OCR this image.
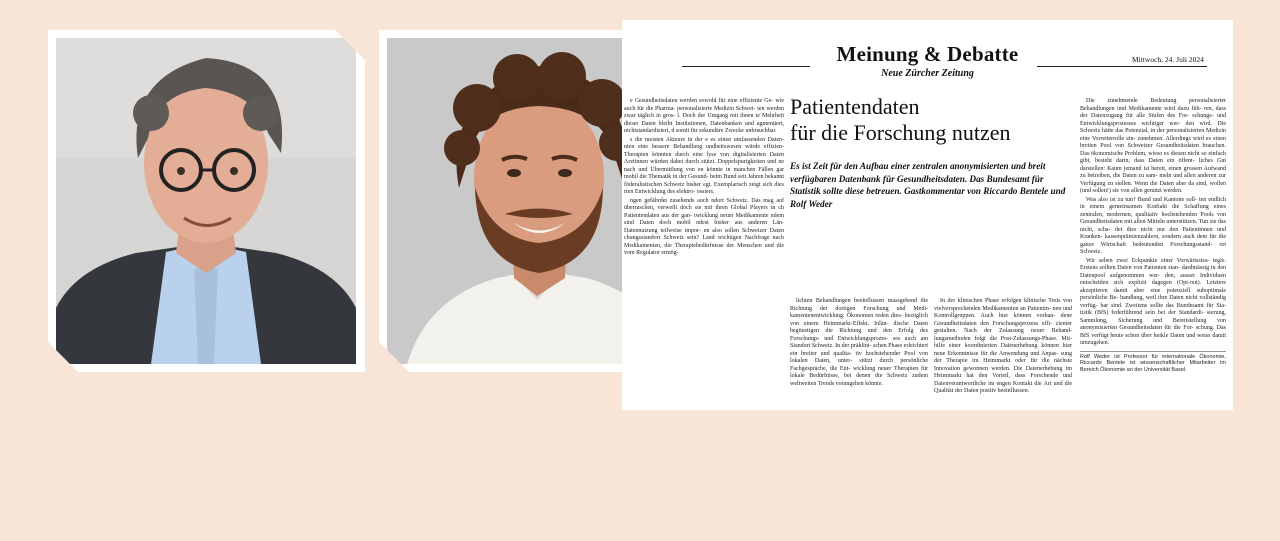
Meinung & Debatte
Neue Zürcher Zeitung
Mittwoch, 24. Juli 2024

e Gesundheitsdaten werden sowohl für eine effiziente Ge- wie auch für die Pharma- personalisierte Medizin Schwei- ten werden zwar täglich in gros- l. Doch der Umgang mit ihnen ie Mehrheit dieser Daten bleibt Institutionen, Datenbanken und agmentiert, nichtstandardisiert, d somit für sekundäre Zwecke unbrauchbar.

s die meisten Akteure in der e es einen umfassenden Daten- nten eine bessere Behandlung undheitswesen würde effizien- Therapien könnten durch eine lyse von digitalisierten Daten Arztinnen würden dabei durch stützt. Doppelspurigkeiten und ne nach und Übermittlung von en könnte in manchen Fällen gar mobil die Thematik in der Gesund- beim Bund seit Jahren bekannt föderalistischen Schweiz bisher egt. Exemplarisch zeigt sich dies rten Entwicklung des elektro- ossiers.

ngen gefährdet zusehends auch ndort Schweiz. Das mag auf überraschen, verweilt doch sie mit ihren Global Players in ch Patientendaten aus der gan- twicklung neuer Medikamente ndem sind Daten doch mobil ndest bisher aus anderen Län- Datennutzung teilweise impor- en also sollen Schweizer Daten chungsstandort Schweiz sein? Land wichtigen Nachfrage nach Medikamenten, die Therapiebedürfnisse der Menschen und die vom Regulator ermög-

Patientendaten
für die Forschung nutzen
Es ist Zeit für den Aufbau einer zentralen anonymisierten und breit verfügbaren Datenbank für Gesundheitsdaten. Das Bundesamt für Statistik sollte diese betreuen. Gastkommentar von Riccardo Bentele und Rolf Weder

lichten Behandlungen beeinflussen massgebend die Richtung der dortigen Forschung und Medi- kamentenentwicklung. Ökonomen reden dies- bezüglich von einem Heimmarkt-Effekt. Inlän- dische Daten begünstigen die Richtung und den Erfolg des Forschungs- und Entwicklungsprozes- ses auch am Standort Schweiz. In der präklini- schen Phase erleichtert ein breiter und qualita- tiv hochstehender Pool von lokalen Daten, unter- stützt durch persönliche Fachgespräche, die Ent- wicklung neuer Therapien für lokale Bedürfnisse, bei denen die Schweiz zudem weltweiten Trends vorangehen könnte.

In der klinischen Phase erfolgen klinische Tests von vielversprechenden Medikamenten an Patientin- nen und Kontrollgruppen. Auch hier können vorhan- dene Gesundheitsdaten den Forschungsprozess effi- zienter gestalten. Nach der Zulassung neuer Behand- lungsmethoden folgt die Post-Zulassungs-Phase. Mit- hilfe einer koordinierten Datenerhebung können hier neue Erkenntnisse für die Anwendung und Anpas- sung der Therapie im Heimmarkt oder für die nächste Innovation gewonnen werden. Die Datenerhebung im Heimmarkt hat den Vorteil, dass Forschende und Datenverantwortliche im engen Kontakt die Art und die Qualität der Daten positiv beeinflussen.

Die zunehmende Bedeutung personalisierter Behandlungen und Medikamente wird dazu füh- ren, dass der Datenzugang für alle Stufen des For- schungs- und Entwicklungsprozesses wichtiger wer- den wird. Die Schweiz hätte das Potenzial, in der personalisierten Medizin eine Vorreiterrolle ein- zunehmen. Allerdings wird es einen breiten Pool von Schweizer Gesundheitsdaten brauchen. Das ökonomische Problem, wieso es diesen nicht so einfach gibt, besteht darin, dass Daten ein öffent- liches Gut darstellen: Kaum jemand ist bereit, einen grossen Aufwand zu betreiben, die Daten zu sam- meln und allen anderen zur Verfügung zu stellen. Wenn die Daten aber da sind, wollen (und sollen!) sie von allen genutzt werden.

Was also ist zu tun? Bund und Kantone soll- ten endlich in einem gemeinsamen Kraftakt die Schaffung eines zentralen, modernen, qualitativ hochstehenden Pools von Gesundheitsdaten mit allen Mitteln unterstützen. Tun sie das nicht, scha- det dies nicht nur den Patientinnen und Kranken- kassenprämienzahlern, sondern auch dem für die ganze Wirtschaft bedeutenden Forschungsstand- ort Schweiz.

Wir sehen zwei Eckpunkte einer Vorwärtsstra- tegie. Erstens sollten Daten von Patienten stan- dardmässig in den Datenpool aufgenommen wer- den, ausser Individuen entscheiden sich explizit dagegen (Opt-out). Letztere akzeptieren damit aber eine potenziell suboptimale persönliche Be- handlung, weil ihre Daten nicht vollständig verfüg- bar sind. Zweitens sollte das Bundesamt für Sta- tistik (BfS) federführend sein bei der Standardi- sierung, Sammlung, Sicherung und Bereitstellung von anonymisierten Gesundheitsdaten für die For- schung. Das BfS verfügt heute schon über heikle Daten und weiss damit umzugehen.

Rolf Weder ist Professor für internationale Ökonomie, Riccardo Bentele ist wissenschaftlicher Mitarbeiter im Bereich Ökonomie an der Universität Basel.
